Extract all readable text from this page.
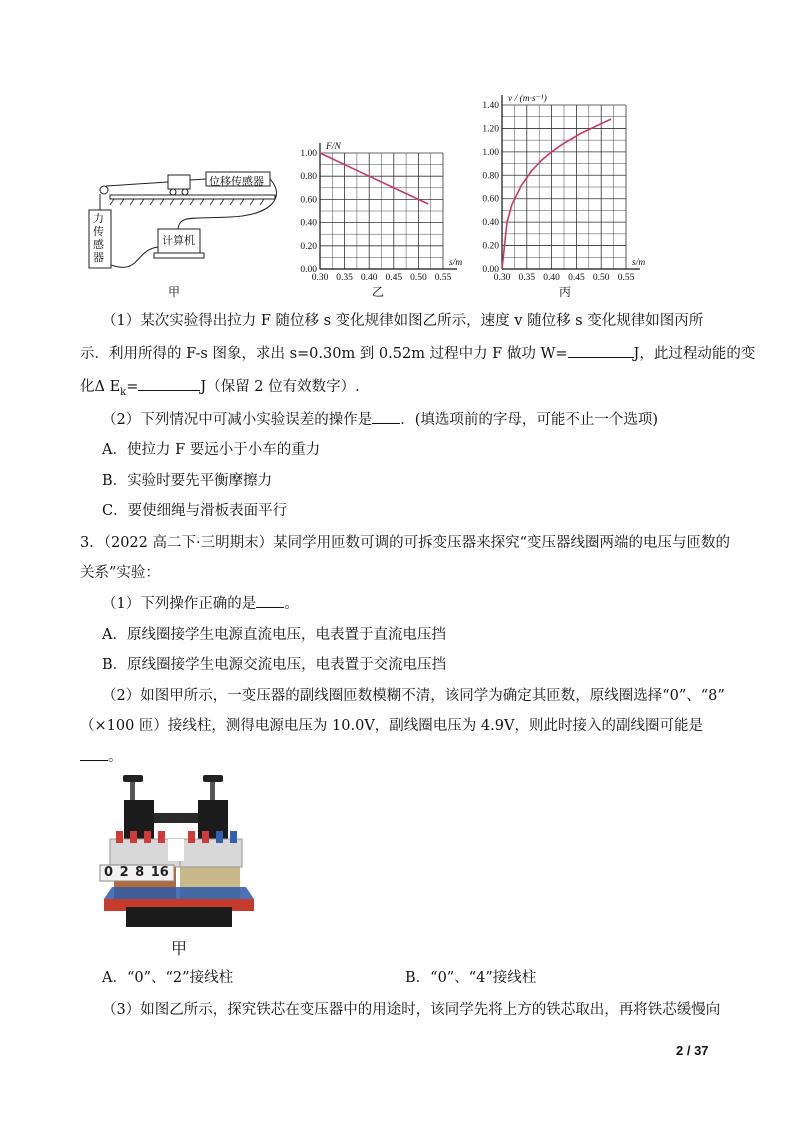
位移传感器
力传感器
计算机
甲
0.30 0.35 0.40 0.45 0.50 0.55
0.00
0.20
0.40
0.60
0.80
1.00
s/m
F/N
乙
0.30 0.35 0.40 0.45 0.50 0.55
0.00
0.20
0.40
0.60
0.80
1.00
1.20
1.40
s/m
v / (m·s⁻¹)
丙
（1）某次实验得出拉力 F 随位移 s 变化规律如图乙所示，速度 v 随位移 s 变化规律如图丙所
示．利用所得的 F-s 图象，求出 s=0.30m 到 0.52m 过程中力 F 做功 W=	J，此过程动能的变
化Δ $E_k=$	J（保留 2 位有效数字）.
（2）下列情况中可减小实验误差的操作是 ．(填选项前的字母，可能不止一个选项)
A．使拉力 F 要远小于小车的重力
B．实验时要先平衡摩擦力
C．要使细绳与滑板表面平行
3．（2022 高二下·三明期末）某同学用匝数可调的可拆变压器来探究“变压器线圈两端的电压与匝数的
关系”实验：
（1）下列操作正确的是 。
A．原线圈接学生电源直流电压，电表置于直流电压挡
B．原线圈接学生电源交流电压，电表置于交流电压挡
（2）如图甲所示，一变压器的副线圈匝数模糊不清，该同学为确定其匝数，原线圈选择“0”、“8”
（×100 匝）接线柱，测得电源电压为 10.0V，副线圈电压为 4.9V，则此时接入的副线圈可能是
。
0 2 8 16
甲
A．“0”、“2”接线柱	B．“0”、“4”接线柱
（3）如图乙所示，探究铁芯在变压器中的用途时，该同学先将上方的铁芯取出，再将铁芯缓慢向
2 / 37
